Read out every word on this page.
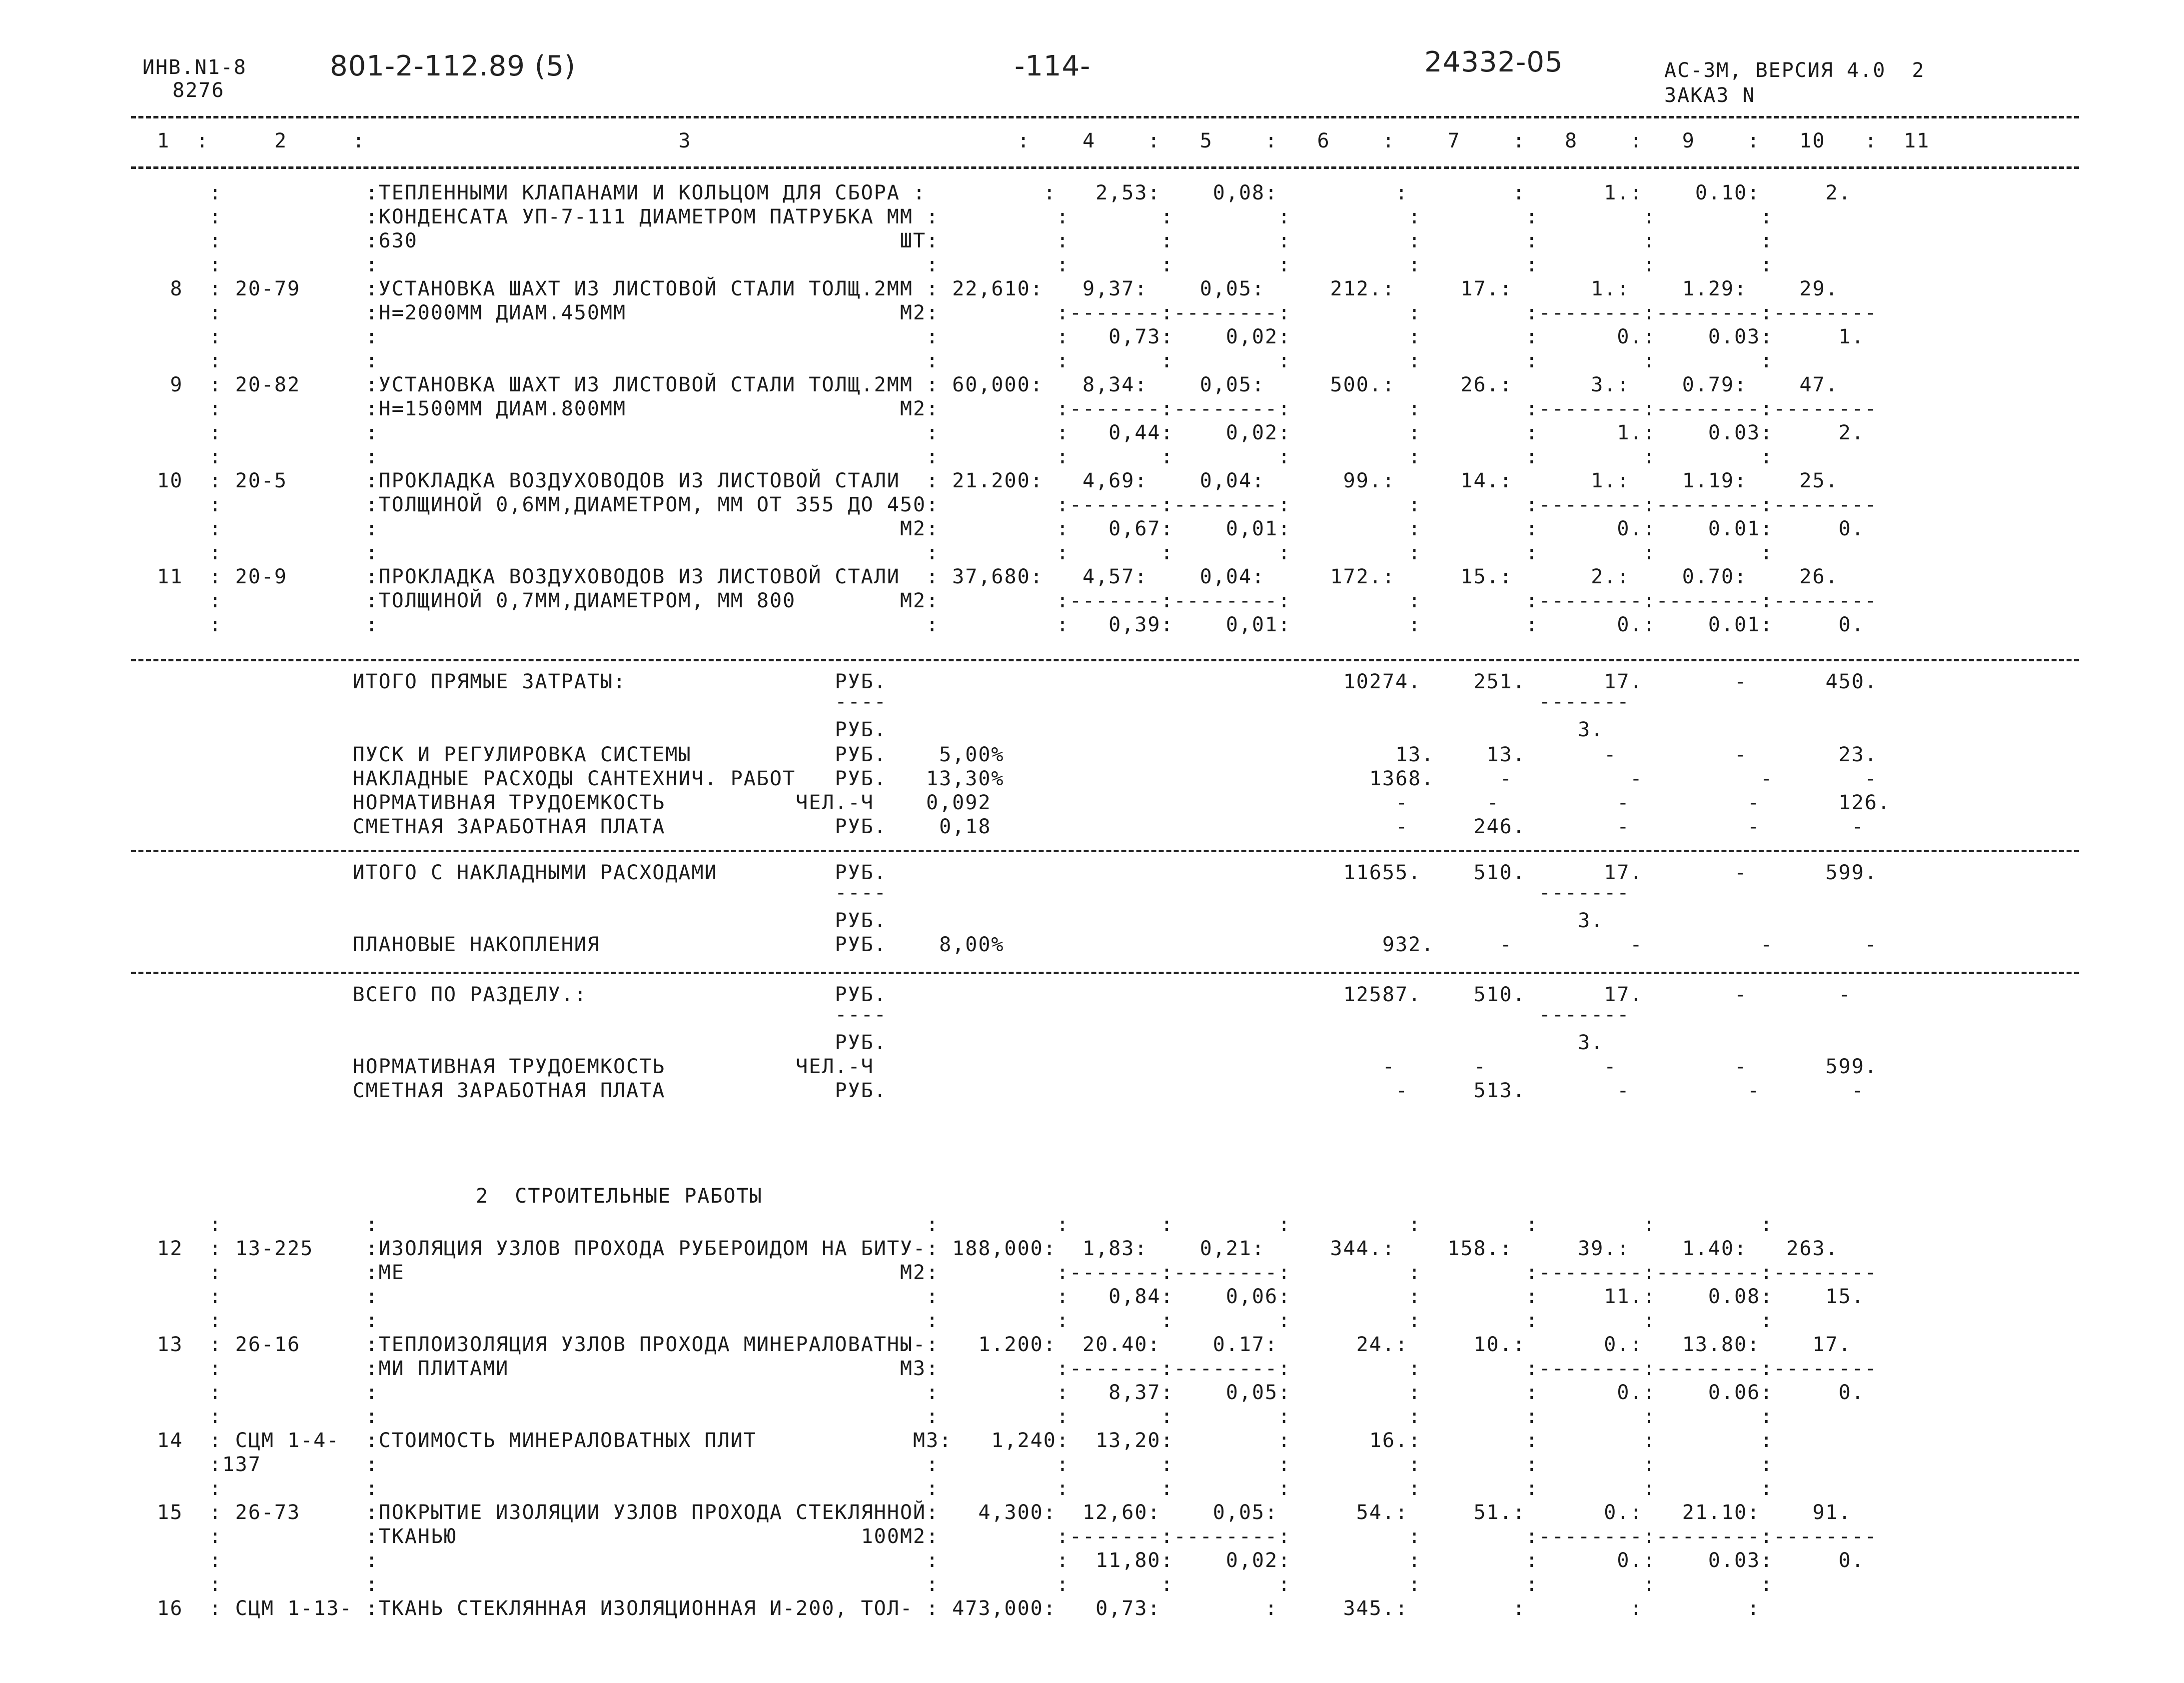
ИНВ.N1-8
8276
801-2-112.89 (5)	-114-	24332-05	АС-3М, ВЕРСИЯ 4.0  2
ЗАКАЗ N
1  :     2     :                        3                         :    4    :   5    :   6    :    7    :   8    :   9    :   10   :  11
:           :ТЕПЛЕННЫМИ КЛАПАНАМИ И КОЛЬЦОМ ДЛЯ СБОРА :         :   2,53:    0,08:         :        :      1.:    0.10:     2.
:           :КОНДЕНСАТА УП-7-111 ДИАМЕТРОМ ПАТРУБКА ММ :         :       :        :         :        :        :        :
:           :630                                     ШТ:         :       :        :         :        :        :        :
:           :                                          :         :       :        :         :        :        :        :
8  : 20-79     :УСТАНОВКА ШАХТ ИЗ ЛИСТОВОЙ СТАЛИ ТОЛЩ.2ММ : 22,610:   9,37:    0,05:     212.:     17.:      1.:    1.29:    29.
:           :Н=2000ММ ДИАМ.450ММ                     М2:         :-------:--------:         :        :--------:--------:--------
:           :                                          :         :   0,73:    0,02:         :        :      0.:    0.03:     1.
:           :                                          :         :       :        :         :        :        :        :
9  : 20-82     :УСТАНОВКА ШАХТ ИЗ ЛИСТОВОЙ СТАЛИ ТОЛЩ.2ММ : 60,000:   8,34:    0,05:     500.:     26.:      3.:    0.79:    47.
:           :Н=1500ММ ДИАМ.800ММ                     М2:         :-------:--------:         :        :--------:--------:--------
:           :                                          :         :   0,44:    0,02:         :        :      1.:    0.03:     2.
:           :                                          :         :       :        :         :        :        :        :
10  : 20-5      :ПРОКЛАДКА ВОЗДУХОВОДОВ ИЗ ЛИСТОВОЙ СТАЛИ  : 21.200:   4,69:    0,04:      99.:     14.:      1.:    1.19:    25.
:           :ТОЛЩИНОЙ 0,6ММ,ДИАМЕТРОМ, ММ ОТ 355 ДО 450:         :-------:--------:         :        :--------:--------:--------
:           :                                        М2:         :   0,67:    0,01:         :        :      0.:    0.01:     0.
:           :                                          :         :       :        :         :        :        :        :
11  : 20-9      :ПРОКЛАДКА ВОЗДУХОВОДОВ ИЗ ЛИСТОВОЙ СТАЛИ  : 37,680:   4,57:    0,04:     172.:     15.:      2.:    0.70:    26.
:           :ТОЛЩИНОЙ 0,7ММ,ДИАМЕТРОМ, ММ 800        М2:         :-------:--------:         :        :--------:--------:--------
:           :                                          :         :   0,39:    0,01:         :        :      0.:    0.01:     0.
ИТОГО ПРЯМЫЕ ЗАТРАТЫ:                РУБ.                                   10274.    251.      17.       -      450.
----                                                  -------
РУБ.                                                     3.
ПУСК И РЕГУЛИРОВКА СИСТЕМЫ           РУБ.    5,00%                              13.    13.      -         -       23.
НАКЛАДНЫЕ РАСХОДЫ САНТЕХНИЧ. РАБОТ   РУБ.   13,30%                            1368.     -         -         -       -
НОРМАТИВНАЯ ТРУДОЕМКОСТЬ          ЧЕЛ.-Ч    0,092                               -      -         -         -      126.
СМЕТНАЯ ЗАРАБОТНАЯ ПЛАТА             РУБ.    0,18                               -     246.       -         -       -
ИТОГО С НАКЛАДНЫМИ РАСХОДАМИ         РУБ.                                   11655.    510.      17.       -      599.
----                                                  -------
РУБ.                                                     3.
ПЛАНОВЫЕ НАКОПЛЕНИЯ                  РУБ.    8,00%                             932.     -         -         -       -
ВСЕГО ПО РАЗДЕЛУ.:                   РУБ.                                   12587.    510.      17.       -       -
----                                                  -------
РУБ.                                                     3.
НОРМАТИВНАЯ ТРУДОЕМКОСТЬ          ЧЕЛ.-Ч                                       -      -         -         -      599.
СМЕТНАЯ ЗАРАБОТНАЯ ПЛАТА             РУБ.                                       -     513.       -         -       -
2  СТРОИТЕЛЬНЫЕ РАБОТЫ
:           :                                          :         :       :        :         :        :        :        :
12  : 13-225    :ИЗОЛЯЦИЯ УЗЛОВ ПРОХОДА РУБЕРОИДОМ НА БИТУ-: 188,000:  1,83:    0,21:     344.:    158.:     39.:    1.40:   263.
:           :МЕ                                      М2:         :-------:--------:         :        :--------:--------:--------
:           :                                          :         :   0,84:    0,06:         :        :     11.:    0.08:    15.
:           :                                          :         :       :        :         :        :        :        :
13  : 26-16     :ТЕПЛОИЗОЛЯЦИЯ УЗЛОВ ПРОХОДА МИНЕРАЛОВАТНЫ-:   1.200:  20.40:    0.17:      24.:     10.:      0.:   13.80:    17.
:           :МИ ПЛИТАМИ                              М3:         :-------:--------:         :        :--------:--------:--------
:           :                                          :         :   8,37:    0,05:         :        :      0.:    0.06:     0.
:           :                                          :         :       :        :         :        :        :        :
14  : СЦМ 1-4-  :СТОИМОСТЬ МИНЕРАЛОВАТНЫХ ПЛИТ            М3:   1,240:  13,20:        :      16.:        :        :        :
:137        :                                          :         :       :        :         :        :        :        :
:           :                                          :         :       :        :         :        :        :        :
15  : 26-73     :ПОКРЫТИЕ ИЗОЛЯЦИИ УЗЛОВ ПРОХОДА СТЕКЛЯННОЙ:   4,300:  12,60:    0,05:      54.:     51.:      0.:   21.10:    91.
:           :ТКАНЬЮ                               100М2:         :-------:--------:         :        :--------:--------:--------
:           :                                          :         :  11,80:    0,02:         :        :      0.:    0.03:     0.
:           :                                          :         :       :        :         :        :        :        :
16  : СЦМ 1-13- :ТКАНЬ СТЕКЛЯННАЯ ИЗОЛЯЦИОННАЯ И-200, ТОЛ- : 473,000:   0,73:        :     345.:        :        :        :
